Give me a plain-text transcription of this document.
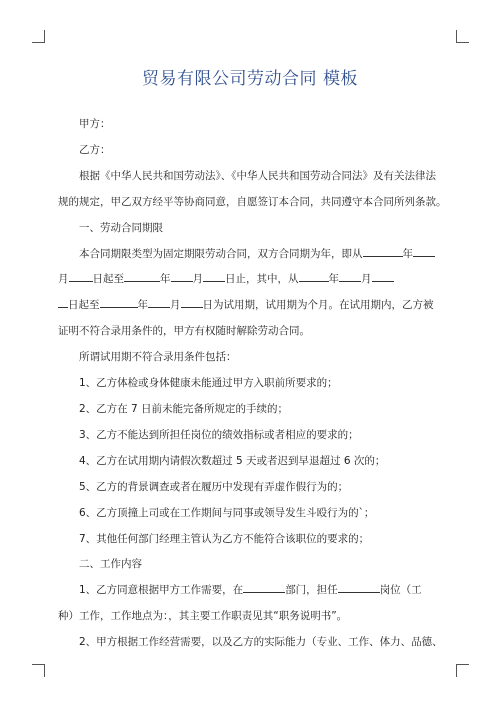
贸易有限公司劳动合同 模板

甲方：

乙方：

根据《中华人民共和国劳动法》、《中华人民共和国劳动合同法》及有关法律法

规的规定，甲乙双方经平等协商同意，自愿签订本合同，共同遵守本合同所列条款。

一、劳动合同期限

本合同期限类型为固定期限劳动合同，双方合同期为年，即从	年

月 日起至	年 月 日止，其中，从	年 月

日起至	年 月 日为试用期，试用期为个月。在试用期内，乙方被

证明不符合录用条件的，甲方有权随时解除劳动合同。

所谓试用期不符合录用条件包括：

1、乙方体检或身体健康未能通过甲方入职前所要求的；

2、乙方在 7 日前未能完备所规定的手续的；

3、乙方不能达到所担任岗位的绩效指标或者相应的要求的；

4、乙方在试用期内请假次数超过 5 天或者迟到早退超过 6 次的；

5、乙方的背景调查或者在履历中发现有弄虚作假行为的；

6、乙方顶撞上司或在工作期间与同事或领导发生斗殴行为的`；

7、其他任何部门经理主管认为乙方不能符合该职位的要求的；

二、工作内容

1、乙方同意根据甲方工作需要，在	部门，担任	岗位（工

种）工作，工作地点为：，其主要工作职责见其“职务说明书”。

2、甲方根据工作经营需要，以及乙方的实际能力（专业、工作、体力、品德、
